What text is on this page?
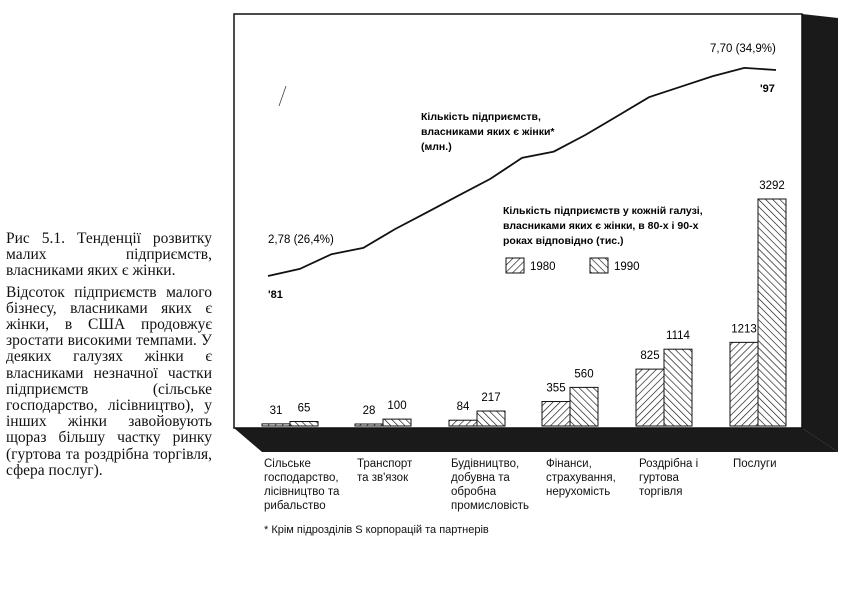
Рис 5.1. Тенденції розвитку малих підприємств, власниками яких є жінки.

Відсоток підприємств малого бізнесу, власниками яких є жінки, в США продовжує зростати високими темпами. У деяких галузях жінки є власниками незначної частки підприємств (сільське господарство, лісівництво), у інших жінки завойовують щораз більшу частку ринку (гуртова та роздрібна торгівля, сфера послуг).

31 65	28 100	84
217
355
560
825
1114
1213
3292
Кількість підприємств,
власниками яких є жінки*
(млн.)
2,78 (26,4%)
7,70 (34,9%)
'81
'97
Кількість підприємств у кожній галузі,
власниками яких є жінки, в 80-х і 90-х
роках відповідно (тис.)
1980	1990
Сільське
господарство,
лісівництво та
рибальство
Транспорт
та зв'язок
Будівництво,
добувна та
обробна
промисловість
Фінанси,
страхування,
нерухомість
Роздрібна і
гуртова
торгівля
Послуги
* Крім підрозділів S корпорацій та партнерів
